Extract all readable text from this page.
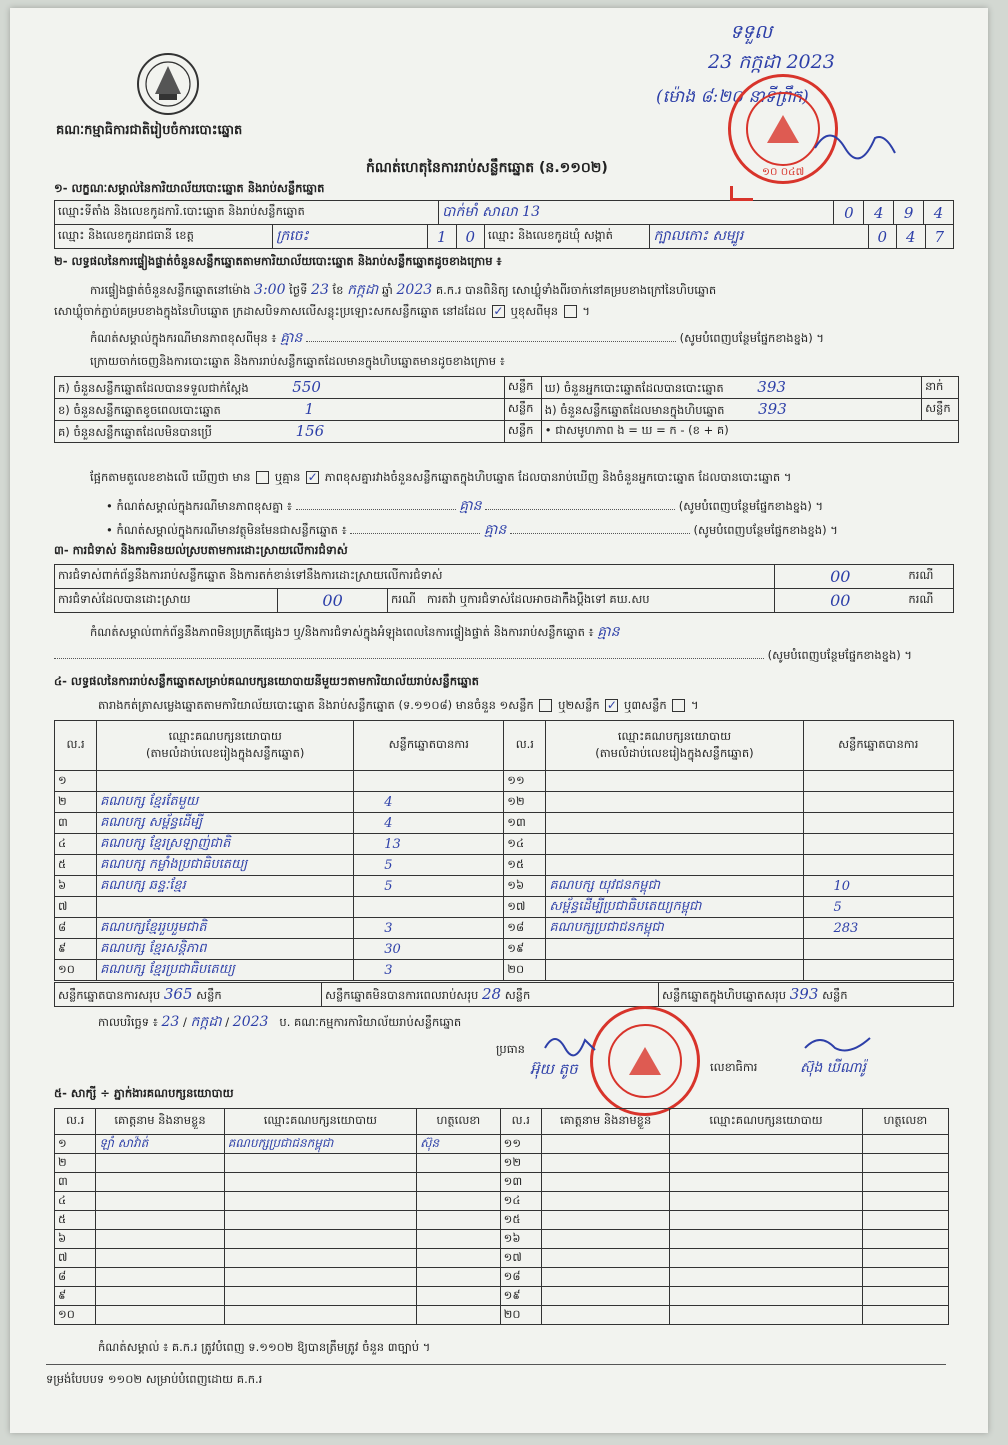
គណៈកម្មាធិការជាតិរៀបចំការបោះឆ្នោត
ទទួល
23 កក្កដា 2023
(ម៉ោង ៨:២០ នាទីព្រឹក)
១០ ០៤៧
កំណត់ហេតុនៃការរាប់សន្លឹកឆ្នោត (ន.១១០២)
១- លក្ខណៈសម្គាល់នៃការិយាល័យបោះឆ្នោត និងរាប់សន្លឹកឆ្នោត
ឈ្មោះទីតាំង និងលេខកូដការិ.បោះឆ្នោត និងរាប់សន្លឹកឆ្នោត	បាក់មាំ សាលា 13	0	4	9	4
ឈ្មោះ និងលេខកូដរាជធានី ខេត្ត	ក្រចេះ	1	0	ឈ្មោះ និងលេខកូដឃុំ សង្កាត់	ក្បាលកោះ សម្បូរ	0	4	7
២- លទ្ធផលនៃការផ្ទៀងផ្ទាត់ចំនួនសន្លឹកឆ្នោតតាមការិយាល័យបោះឆ្នោត និងរាប់សន្លឹកឆ្នោតដូចខាងក្រោម ៖
ការផ្ទៀងផ្ទាត់ចំនួនសន្លឹកឆ្នោតនៅម៉ោង 3:00 ថ្ងៃទី 23 ខែ កក្កដា ឆ្នាំ 2023 គ.ក.រ បានពិនិត្យ សោឃ្លុំទាំងពីរចាក់នៅគម្របខាងក្រៅនៃហិបឆ្នោត
សោឃ្លុំចាក់ភ្ជាប់គម្របខាងក្នុងនៃហិបឆ្នោត ក្រដាសបិទភាសលើសន្លុះប្រឡោះសកសន្លឹកឆ្នោត នៅដដែល ✓ ឬខុសពីមុន  ។
កំណត់សម្គាល់ក្នុងករណីមានភាពខុសពីមុន ៖ គ្មាន	(សូមបំពេញបន្ថែមផ្នែកខាងខ្នង) ។
ក្រោយចាក់ចេញនិងការបោះឆ្នោត និងការរាប់សន្លឹកឆ្នោតដែលមានក្នុងហិបឆ្នោតមានដូចខាងក្រោម ៖
ក) ចំនួនសន្លឹកឆ្នោតដែលបានទទួលជាក់ស្តែង 550	សន្លឹក	ឃ) ចំនួនអ្នកបោះឆ្នោតដែលបានបោះឆ្នោត 393	នាក់
ខ) ចំនួនសន្លឹកឆ្នោតខូចពេលបោះឆ្នោត 1	សន្លឹក	ង) ចំនួនសន្លឹកឆ្នោតដែលមានក្នុងហិបឆ្នោត 393	សន្លឹក
គ) ចំនួនសន្លឹកឆ្នោតដែលមិនបានប្រើ 156	សន្លឹក	• ជាសមូហភាព ង = ឃ = ក - (ខ + គ)	
ផ្អែកតាមតួលេខខាងលើ ឃើញថា មាន ឬគ្មាន ✓ ភាពខុសគ្នារវាងចំនួនសន្លឹកឆ្នោតក្នុងហិបឆ្នោត ដែលបានរាប់ឃើញ និងចំនួនអ្នកបោះឆ្នោត ដែលបានបោះឆ្នោត ។
• កំណត់សម្គាល់ក្នុងករណីមានភាពខុសគ្នា ៖	គ្មាន	(សូមបំពេញបន្ថែមផ្នែកខាងខ្នង) ។
• កំណត់សម្គាល់ក្នុងករណីមានវត្ថុមិនមែនជាសន្លឹកឆ្នោត ៖	គ្មាន	(សូមបំពេញបន្ថែមផ្នែកខាងខ្នង) ។
៣- ការជំទាស់ និងការមិនយល់ស្របតាមការដោះស្រាយលើការជំទាស់
ការជំទាស់ពាក់ព័ន្ធនឹងការរាប់សន្លឹកឆ្នោត និងការតក់ខាន់ទៅនឹងការដោះស្រាយលើការជំទាស់			00	ករណី
ការជំទាស់ដែលបានដោះស្រាយ	00	ករណី ការតវ៉ា ឬការជំទាស់ដែលអាចដាក់ឹងប្តឹងទៅ គឃ.សប	00	ករណី
កំណត់សម្គាល់ពាក់ព័ន្ធនឹងភាពមិនប្រក្រតីផ្សេងៗ ឬ/និងការជំទាស់ក្នុងអំឡុងពេលនៃការផ្ទៀងផ្ទាត់ និងការរាប់សន្លឹកឆ្នោត ៖ គ្មាន
(សូមបំពេញបន្ថែមផ្នែកខាងខ្នង) ។
៤- លទ្ធផលនៃការរាប់សន្លឹកឆ្នោតសម្រាប់គណបក្សនយោបាយនីមួយៗតាមការិយាល័យរាប់សន្លឹកឆ្នោត
តារាងកត់ត្រាសម្លេងឆ្នោតតាមការិយាល័យបោះឆ្នោត និងរាប់សន្លឹកឆ្នោត (ទ.១១០៨) មានចំនួន ១សន្លឹក ឬ២សន្លឹក ✓ ឬ៣សន្លឹក ។
ល.រ	ឈ្មោះគណបក្សនយោបាយ
(តាមលំដាប់លេខរៀងក្នុងសន្លឹកឆ្នោត)	សន្លឹកឆ្នោតបានការ	ល.រ	ឈ្មោះគណបក្សនយោបាយ
(តាមលំដាប់លេខរៀងក្នុងសន្លឹកឆ្នោត)	សន្លឹកឆ្នោតបានការ
១			១១		
២	គណបក្ស ខ្មែរតែមួយ	4	១២		
៣	គណបក្ស សម្ព័ន្ធដើម្បី	4	១៣		
៤	គណបក្ស ខ្មែរស្រឡាញ់ជាតិ	13	១៤		
៥	គណបក្ស កម្លាំងប្រជាធិបតេយ្យ	5	១៥		
៦	គណបក្ស ឆន្ទៈខ្មែរ	5	១៦	គណបក្ស យុវជនកម្ពុជា	10
៧			១៧	សម្ព័ន្ធដើម្បីប្រជាធិបតេយ្យកម្ពុជា	5
៨	គណបក្សខ្មែររួបរួមជាតិ	3	១៨	គណបក្សប្រជាជនកម្ពុជា	283
៩	គណបក្ស ខ្មែរសន្តិភាព	30	១៩		
១០	គណបក្ស ខ្មែរប្រជាធិបតេយ្យ	3	២០		
សន្លឹកឆ្នោតបានការសរុប 365 សន្លឹក	សន្លឹកឆ្នោតមិនបានការពេលរាប់សរុប 28 សន្លឹក	សន្លឹកឆ្នោតក្នុងហិបឆ្នោតសរុប 393 សន្លឹក
កាលបរិច្ឆេទ ៖ 23 / កក្កដា / 2023 ប. គណៈកម្មការការិយាល័យរាប់សន្លឹកឆ្នោត
ប្រធាន
អ៊ុយ តូច	លេខាធិការ	ស៊ុង ឃីណារ៉ូ
៥- សាក្សី ÷ ភ្នាក់ងារគណបក្សនយោបាយ
ល.រ	គោត្តនាម និងនាមខ្លួន	ឈ្មោះគណបក្សនយោបាយ	ហត្ថលេខា	ល.រ	គោត្តនាម និងនាមខ្លួន	ឈ្មោះគណបក្សនយោបាយ	ហត្ថលេខា
១	ឡាំ សាវ៉ាត់	គណបក្សប្រជាជនកម្ពុជា	ស៊ុន	១១			
២				១២			
៣				១៣			
៤				១៤			
៥				១៥			
៦				១៦			
៧				១៧			
៨				១៨			
៩				១៩			
១០				២០			
កំណត់សម្គាល់ ៖ គ.ក.រ ត្រូវបំពេញ ទ.១១០២ ឱ្យបានត្រឹមត្រូវ ចំនួន ៣ច្បាប់ ។
ទម្រង់បែបបទ ១១០២ សម្រាប់បំពេញដោយ គ.ក.រ
